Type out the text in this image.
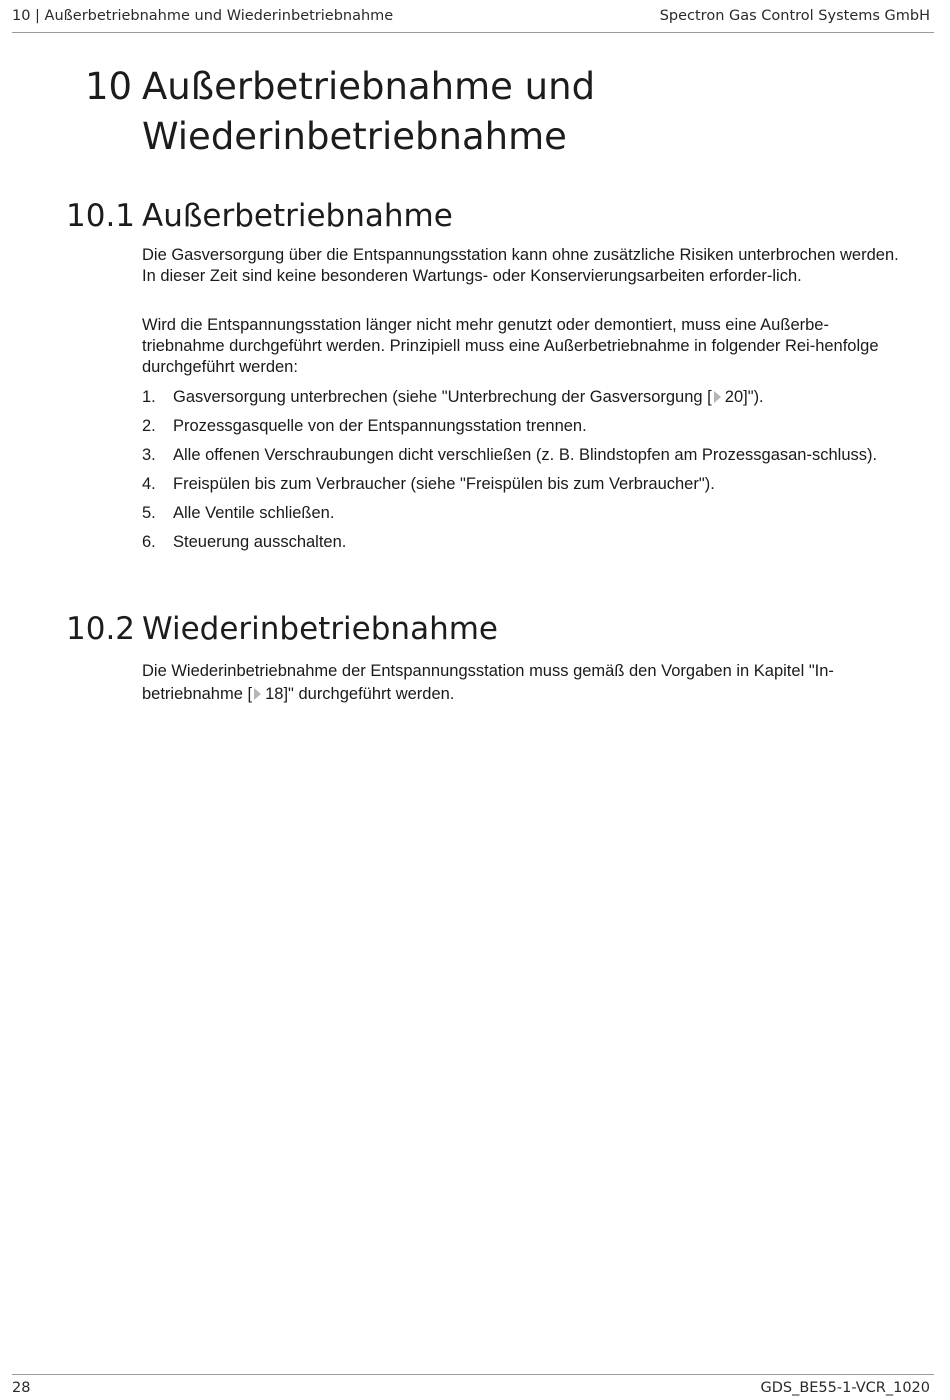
10 | Außerbetriebnahme und Wiederinbetriebnahme	Spectron Gas Control Systems GmbH
10 Außerbetriebnahme und
Wiederinbetriebnahme
10.1 Außerbetriebnahme

Die Gasversorgung über die Entspannungsstation kann ohne zusätzliche Risiken unterbrochen werden. In dieser Zeit sind keine besonderen Wartungs- oder Konservierungsarbeiten erforder-lich.

Wird die Entspannungsstation länger nicht mehr genutzt oder demontiert, muss eine Außerbe-triebnahme durchgeführt werden. Prinzipiell muss eine Außerbetriebnahme in folgender Rei-henfolge durchgeführt werden:

1. Gasversorgung unterbrechen (siehe "Unterbrechung der Gasversorgung [ 20]").
2. Prozessgasquelle von der Entspannungsstation trennen.
3. Alle offenen Verschraubungen dicht verschließen (z. B. Blindstopfen am Prozessgasan-schluss).
4. Freispülen bis zum Verbraucher (siehe "Freispülen bis zum Verbraucher").
5. Alle Ventile schließen.
6. Steuerung ausschalten.
10.2 Wiederinbetriebnahme

Die Wiederinbetriebnahme der Entspannungsstation muss gemäß den Vorgaben in Kapitel "In-betriebnahme [ 18]" durchgeführt werden.

28	GDS_BE55-1-VCR_1020
